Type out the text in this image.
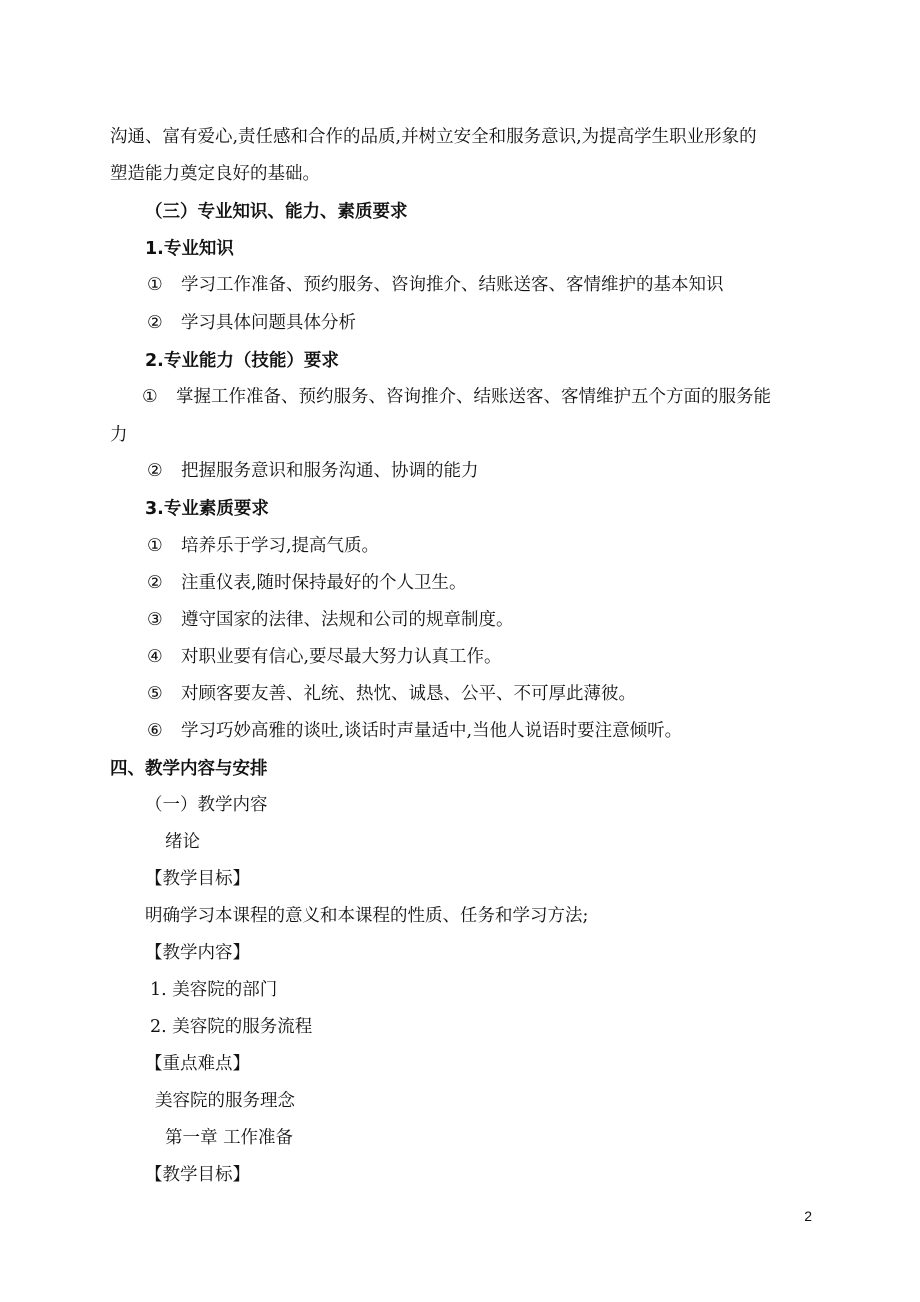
沟通、富有爱心,责任感和合作的品质,并树立安全和服务意识,为提高学生职业形象的
塑造能力奠定良好的基础。
（三）专业知识、能力、素质要求
1.专业知识
① 学习工作准备、预约服务、咨询推介、结账送客、客情维护的基本知识
② 学习具体问题具体分析
2.专业能力（技能）要求
① 掌握工作准备、预约服务、咨询推介、结账送客、客情维护五个方面的服务能
力
② 把握服务意识和服务沟通、协调的能力
3.专业素质要求
① 培养乐于学习,提高气质。
② 注重仪表,随时保持最好的个人卫生。
③ 遵守国家的法律、法规和公司的规章制度。
④ 对职业要有信心,要尽最大努力认真工作。
⑤ 对顾客要友善、礼统、热忱、诚恳、公平、不可厚此薄彼。
⑥ 学习巧妙高雅的谈吐,谈话时声量适中,当他人说语时要注意倾听。
四、教学内容与安排
（一）教学内容
绪论
【教学目标】
明确学习本课程的意义和本课程的性质、任务和学习方法;
【教学内容】
1. 美容院的部门
2. 美容院的服务流程
【重点难点】
美容院的服务理念
第一章 工作准备
【教学目标】
2
